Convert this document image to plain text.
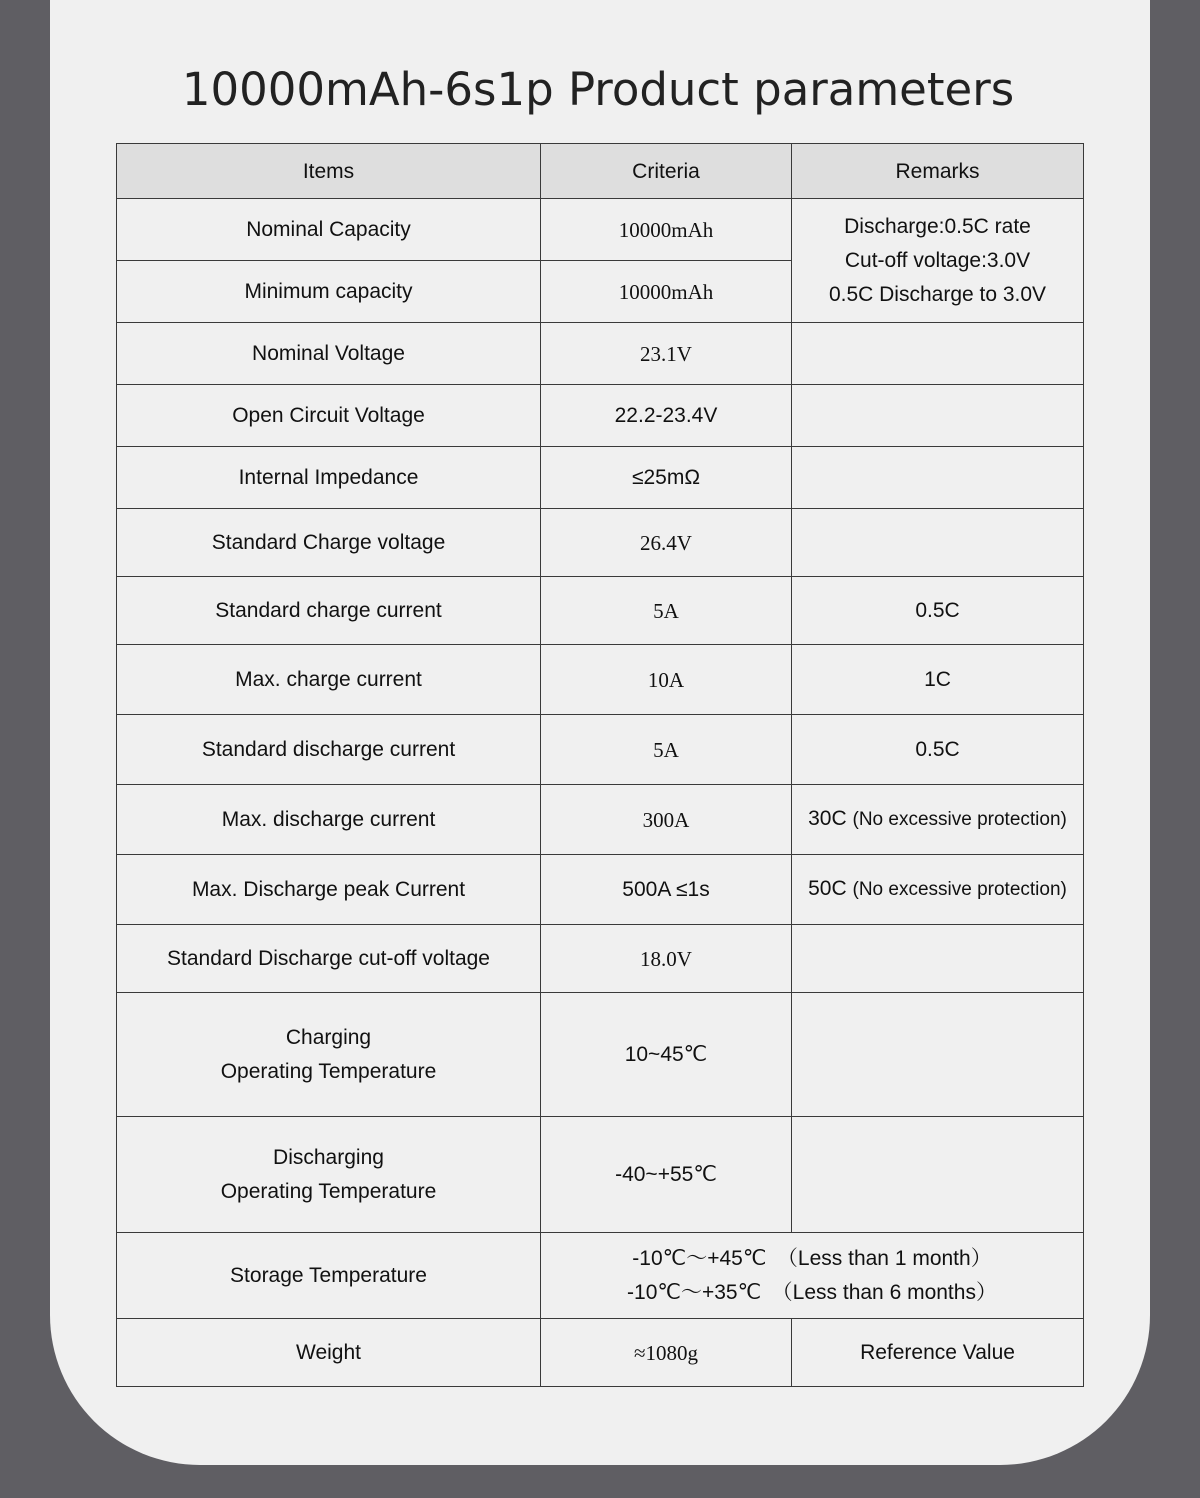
10000mAh-6s1p Product parameters
Items	Criteria	Remarks
Nominal Capacity	10000mAh	Discharge:0.5C rate
Cut-off voltage:3.0V
0.5C Discharge to 3.0V

Minimum capacity	10000mAh	
Nominal Voltage	23.1V	
Open Circuit Voltage	22.2-23.4V	
Internal Impedance	≤25mΩ	
Standard Charge voltage	26.4V	
Standard charge current	5A	0.5C
Max. charge current	10A	1C
Standard discharge current	5A	0.5C
Max. discharge current	300A	30C (No excessive protection)
Max. Discharge peak Current	500A ≤1s	50C (No excessive protection)
Standard Discharge cut-off voltage	18.0V	

Charging
Operating Temperature	10~45℃	

Discharging
Operating Temperature	-40~+55℃	
Storage Temperature	-10℃～+45℃　（Less than 1 month）
-10℃～+35℃　（Less than 6 months）	

Weight	≈1080g	Reference Value
